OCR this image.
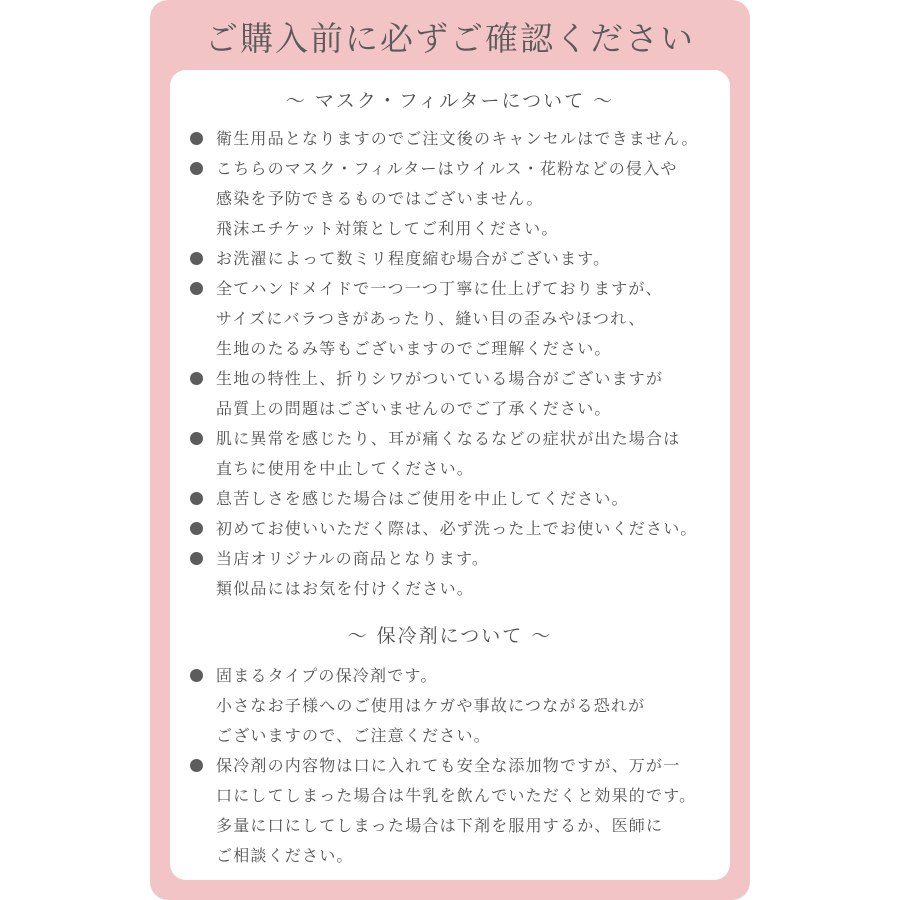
ご購入前に必ずご確認ください
～ マスク・フィルターについて ～
衛生用品となりますのでご注文後のキャンセルはできません。
こちらのマスク・フィルターはウイルス・花粉などの侵入や
感染を予防できるものではございません。
飛沫エチケット対策としてご利用ください。
お洗濯によって数ミリ程度縮む場合がございます。
全てハンドメイドで一つ一つ丁寧に仕上げておりますが、
サイズにバラつきがあったり、縫い目の歪みやほつれ、
生地のたるみ等もございますのでご理解ください。
生地の特性上、折りシワがついている場合がございますが
品質上の問題はございませんのでご了承ください。
肌に異常を感じたり、耳が痛くなるなどの症状が出た場合は
直ちに使用を中止してください。
息苦しさを感じた場合はご使用を中止してください。
初めてお使いいただく際は、必ず洗った上でお使いください。
当店オリジナルの商品となります。
類似品にはお気を付けください。
～ 保冷剤について ～
固まるタイプの保冷剤です。
小さなお子様へのご使用はケガや事故につながる恐れが
ございますので、ご注意ください。
保冷剤の内容物は口に入れても安全な添加物ですが、万が一
口にしてしまった場合は牛乳を飲んでいただくと効果的です。
多量に口にしてしまった場合は下剤を服用するか、医師に
ご相談ください。
